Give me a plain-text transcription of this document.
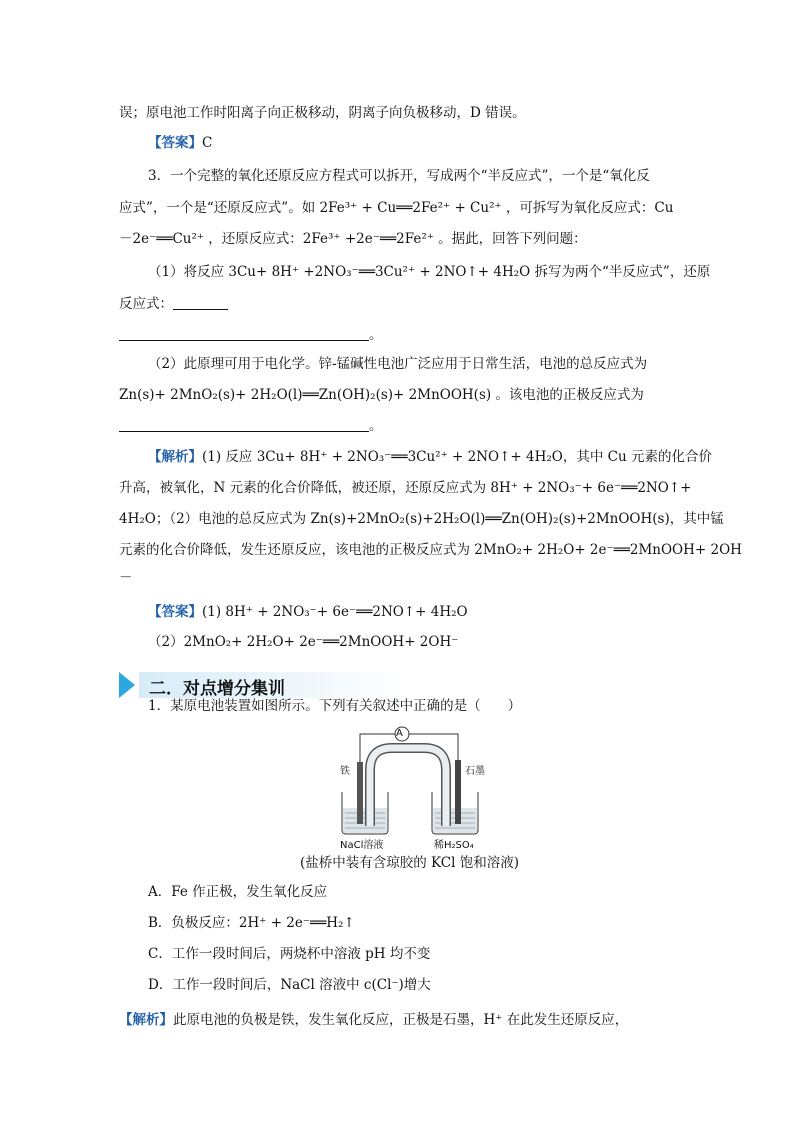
误；原电池工作时阳离子向正极移动，阴离子向负极移动，D 错误。
【答案】C
3．一个完整的氧化还原反应方程式可以拆开，写成两个“半反应式”，一个是“氧化反
应式”，一个是“还原反应式”。如 2Fe³⁺ + Cu══2Fe²⁺ + Cu²⁺ ，可拆写为氧化反应式：Cu
－2e⁻══Cu²⁺ ，还原反应式：2Fe³⁺ +2e⁻══2Fe²⁺ 。据此，回答下列问题：
（1）将反应 3Cu+ 8H⁺ +2NO₃⁻══3Cu²⁺ + 2NO↑+ 4H₂O 拆写为两个“半反应式”，还原
反应式：
。
（2）此原理可用于电化学。锌-锰碱性电池广泛应用于日常生活，电池的总反应式为
Zn(s)+ 2MnO₂(s)+ 2H₂O(l)══Zn(OH)₂(s)+ 2MnOOH(s) 。该电池的正极反应式为
。
【解析】(1) 反应 3Cu+ 8H⁺ + 2NO₃⁻══3Cu²⁺ + 2NO↑+ 4H₂O，其中 Cu 元素的化合价
升高，被氧化，N 元素的化合价降低，被还原，还原反应式为 8H⁺ + 2NO₃⁻+ 6e⁻══2NO↑+
4H₂O；（2）电池的总反应式为 Zn(s)+2MnO₂(s)+2H₂O(l)══Zn(OH)₂(s)+2MnOOH(s)，其中锰
元素的化合价降低，发生还原反应，该电池的正极反应式为 2MnO₂+ 2H₂O+ 2e⁻══2MnOOH+ 2OH
－
【答案】(1) 8H⁺ + 2NO₃⁻+ 6e⁻══2NO↑+ 4H₂O
（2）2MnO₂+ 2H₂O+ 2e⁻══2MnOOH+ 2OH⁻
二．对点增分集训
1．某原电池装置如图所示。下列有关叙述中正确的是（　　）
A
铁	石墨
NaCl溶液	稀H₂SO₄
(盐桥中装有含琼胶的 KCl 饱和溶液)
A．Fe 作正极，发生氧化反应
B．负极反应：2H⁺ + 2e⁻══H₂↑
C．工作一段时间后，两烧杯中溶液 pH 均不变
D．工作一段时间后，NaCl 溶液中 c(Cl⁻)增大
【解析】此原电池的负极是铁，发生氧化反应，正极是石墨，H⁺ 在此发生还原反应，
